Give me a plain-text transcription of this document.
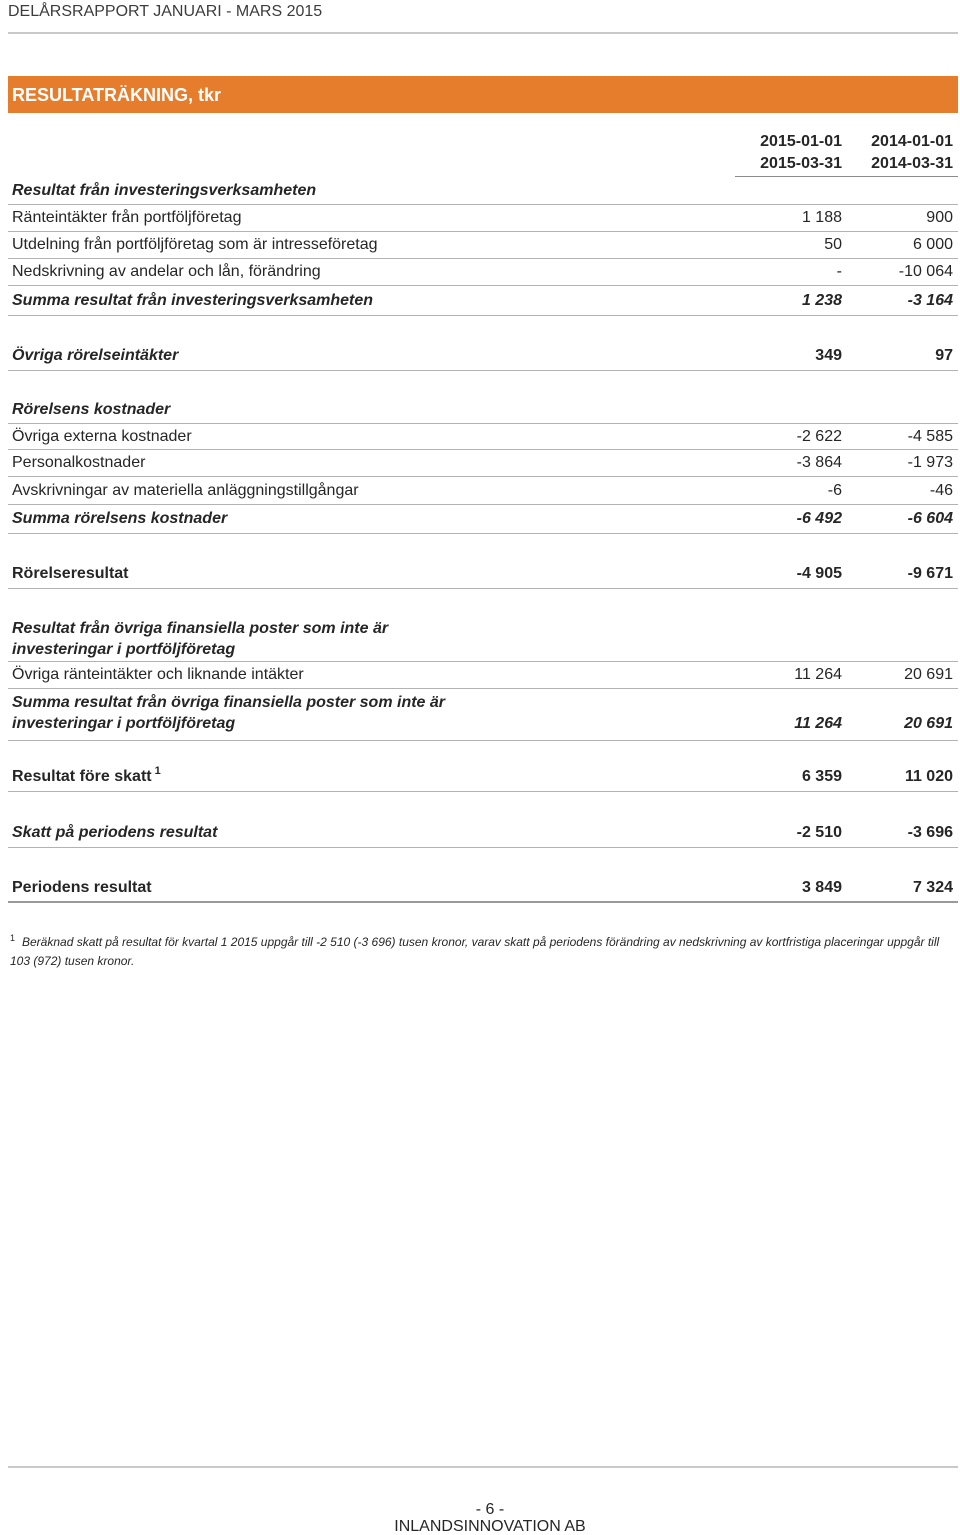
DELÅRSRAPPORT JANUARI - MARS 2015
RESULTATRÄKNING, tkr
2015-01-01	2014-01-01
2015-03-31	2014-03-31
Resultat från investeringsverksamheten
Ränteintäkter från portföljföretag	1 188	900
Utdelning från portföljföretag som är intresseföretag	50	6 000
Nedskrivning av andelar och lån, förändring	-	-10 064
Summa resultat från investeringsverksamheten	1 238	-3 164
Övriga rörelseintäkter	349	97
Rörelsens kostnader
Övriga externa kostnader	-2 622	-4 585
Personalkostnader	-3 864	-1 973
Avskrivningar av materiella anläggningstillgångar	-6	-46
Summa rörelsens kostnader	-6 492	-6 604
Rörelseresultat	-4 905	-9 671
Resultat från övriga finansiella poster som inte är
investeringar i portföljföretag
Övriga ränteintäkter och liknande intäkter	11 264	20 691
Summa resultat från övriga finansiella poster som inte är
investeringar i portföljföretag	11 264	20 691
Resultat före skatt $^1$	6 359	11 020
Skatt på periodens resultat	-2 510	-3 696
Periodens resultat	3 849	7 324
1 Beräknad skatt på resultat för kvartal 1 2015 uppgår till -2 510 (-3 696) tusen kronor, varav skatt på periodens förändring av nedskrivning av kortfristiga placeringar uppgår till
103 (972) tusen kronor.
- 6 -
INLANDSINNOVATION AB
